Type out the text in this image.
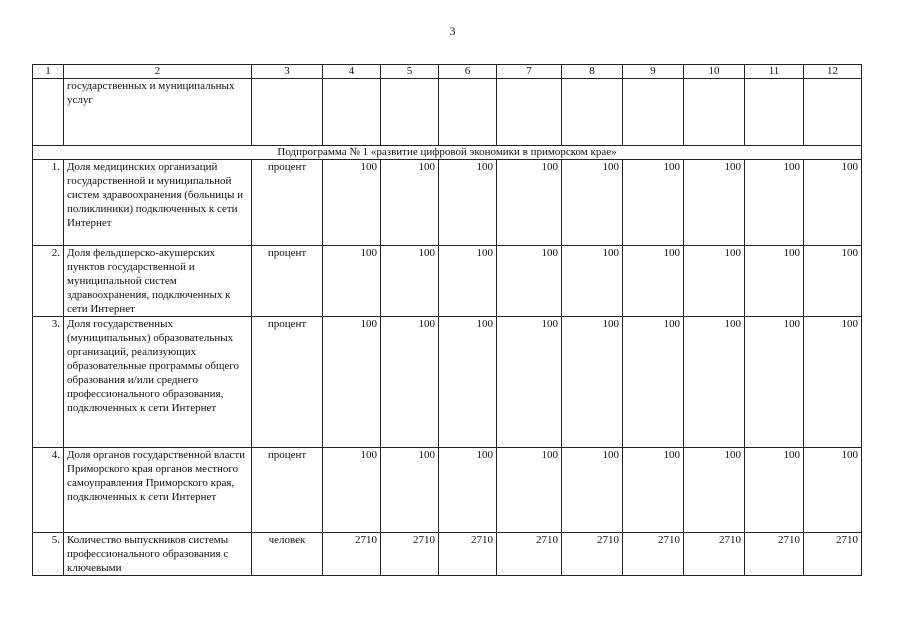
3
1	2	3	4	5	6	7	8	9	10	11	12
	государственных и муниципальных услуг										
Подпрограмма № 1 «развитие цифровой экономики в приморском крае»											
1.	Доля медицинских организаций государственной и муниципальной систем здравоохранения (больницы и поликлиники) подключенных к сети Интернет	процент	100	100	100	100	100	100	100	100	100
2.	Доля фельдшерско-акушерских пунктов государственной и муниципальной систем здравоохранения, подключенных к сети Интернет	процент	100	100	100	100	100	100	100	100	100
3.	Доля государственных (муниципальных) образовательных организаций, реализующих образовательные программы общего образования и/или среднего профессионального образования, подключенных к сети Интернет	процент	100	100	100	100	100	100	100	100	100
4.	Доля органов государственной власти Приморского края органов местного самоуправления Приморского края, подключенных к сети Интернет	процент	100	100	100	100	100	100	100	100	100
5.	Количество выпускников системы профессионального образования с ключевыми	человек	2710	2710	2710	2710	2710	2710	2710	2710	2710
